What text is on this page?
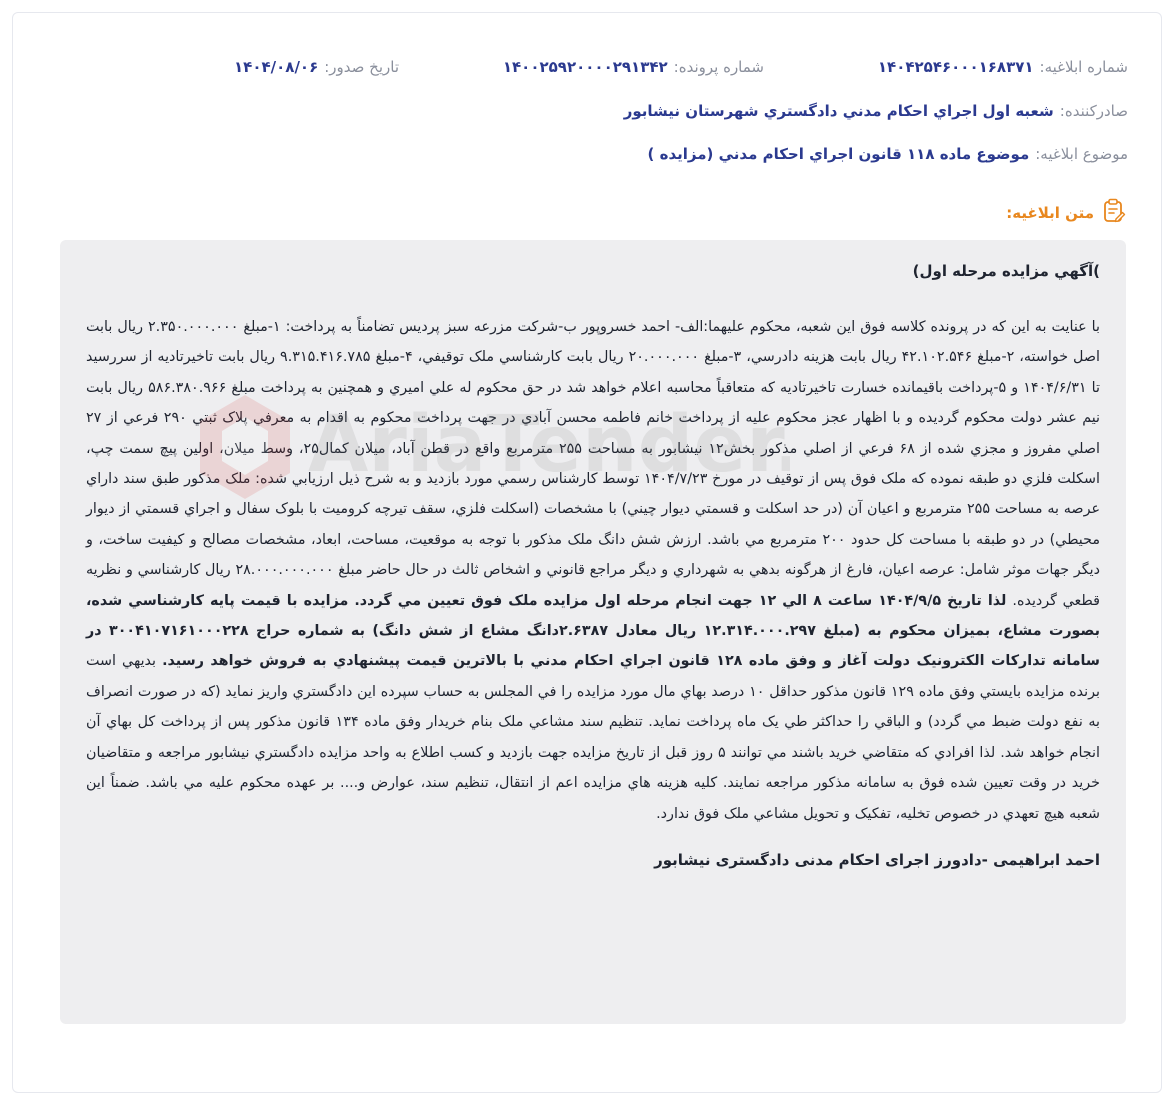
شماره ابلاغیه:
۱۴۰۴۲۵۴۶۰۰۰۱۶۸۳۷۱
شماره پرونده:
۱۴۰۰۲۵۹۲۰۰۰۰۲۹۱۳۴۲
تاریخ صدور:
۱۴۰۴/۰۸/۰۶
صادرکننده:
شعبه اول اجراي احكام مدني دادگستري شهرستان نيشابور
موضوع ابلاغیه:
موضوع ماده ۱۱۸ قانون اجراي احكام مدني (مزايده )
متن ابلاغیه:

)آگهي مزايده مرحله اول)

با عنايت به اين كه در پرونده كلاسه فوق اين شعبه، محكوم عليهما:الف- احمد خسروپور ب-شركت مزرعه سبز پرديس تضامناً به پرداخت: ۱-مبلغ ۲.۳۵۰.۰۰۰.۰۰۰ ريال بابت اصل خواسته، ۲-مبلغ ۴۲.۱۰۲.۵۴۶ ريال بابت هزينه دادرسي، ۳-مبلغ ۲۰.۰۰۰.۰۰۰ ريال بابت كارشناسي ملک توقيفي، ۴-مبلغ ۹.۳۱۵.۴۱۶.۷۸۵ ريال بابت تاخيرتاديه از سررسيد تا ۱۴۰۴/۶/۳۱ و ۵-پرداخت باقيمانده خسارت تاخيرتاديه كه متعاقباً محاسبه اعلام خواهد شد در حق محكوم له علي اميري و همچنين به پرداخت مبلغ ۵۸۶.۳۸۰.۹۶۶ ريال بابت نيم عشر دولت محكوم گرديده و با اظهار عجز محكوم عليه از پرداخت خانم فاطمه محسن آبادي در جهت پرداخت محكوم به اقدام به معرفي پلاک ثبتي ۲۹۰ فرعي از ۲۷ اصلي مفروز و مجزي شده از ۶۸ فرعي از اصلي مذكور بخش۱۲ نيشابور به مساحت ۲۵۵ مترمربع واقع در قطن آباد، ميلان كمال۲۵، وسط ميلان، اولين پيچ سمت چپ، اسكلت فلزي دو طبقه نموده كه ملک فوق پس از توقيف در مورخ ۱۴۰۴/۷/۲۳ توسط كارشناس رسمي مورد بازديد و به شرح ذيل ارزيابي شده: ملک مذكور طبق سند داراي عرصه به مساحت ۲۵۵ مترمربع و اعيان آن (در حد اسكلت و قسمتي ديوار چيني) با مشخصات (اسكلت فلزي، سقف تيرچه كروميت با بلوک سفال و اجراي قسمتي از ديوار محيطي) در دو طبقه با مساحت كل حدود ۲۰۰ مترمربع مي باشد. ارزش شش دانگ ملک مذكور با توجه به موقعيت، مساحت، ابعاد، مشخصات مصالح و كيفيت ساخت، و ديگر جهات موثر شامل: عرصه اعيان، فارغ از هرگونه بدهي به شهرداري و ديگر مراجع قانوني و اشخاص ثالث در حال حاضر مبلغ ۲۸.۰۰۰.۰۰۰.۰۰۰ ريال كارشناسي و نظريه قطعي گرديده. لذا تاريخ ۱۴۰۴/۹/۵ ساعت ۸ الي ۱۲ جهت انجام مرحله اول مزايده ملک فوق تعيين مي گردد. مزايده با قيمت پايه كارشناسي شده، بصورت مشاع، بميزان محكوم به (مبلغ ۱۲.۳۱۴.۰۰۰.۲۹۷ ريال معادل ۲.۶۳۸۷دانگ مشاع از شش دانگ) به شماره حراج ۳۰۰۴۱۰۷۱۶۱۰۰۰۲۲۸ در سامانه تداركات الكترونيک دولت آغاز و وفق ماده ۱۲۸ قانون اجراي احكام مدني با بالاترين قيمت پيشنهادي به فروش خواهد رسيد. بديهي است برنده مزايده بايستي وفق ماده ۱۲۹ قانون مذكور حداقل ۱۰ درصد بهاي مال مورد مزايده را في المجلس به حساب سپرده اين دادگستري واريز نمايد (كه در صورت انصراف به نفع دولت ضبط مي گردد) و الباقي را حداكثر طي يک ماه پرداخت نمايد. تنظيم سند مشاعي ملک بنام خريدار وفق ماده ۱۳۴ قانون مذكور پس از پرداخت كل بهاي آن انجام خواهد شد. لذا افرادي كه متقاضي خريد باشند مي توانند ۵ روز قبل از تاريخ مزايده جهت بازديد و كسب اطلاع به واحد مزايده دادگستري نيشابور مراجعه و متقاضيان خريد در وقت تعيين شده فوق به سامانه مذكور مراجعه نمايند. كليه هزينه هاي مزايده اعم از انتقال، تنظيم سند، عوارض و.... بر عهده محكوم عليه مي باشد. ضمناً اين شعبه هيچ تعهدي در خصوص تخليه، تفكيک و تحويل مشاعي ملک فوق ندارد.

احمد ابراهیمی -دادورز اجرای احکام مدنی دادگستری نیشابور
